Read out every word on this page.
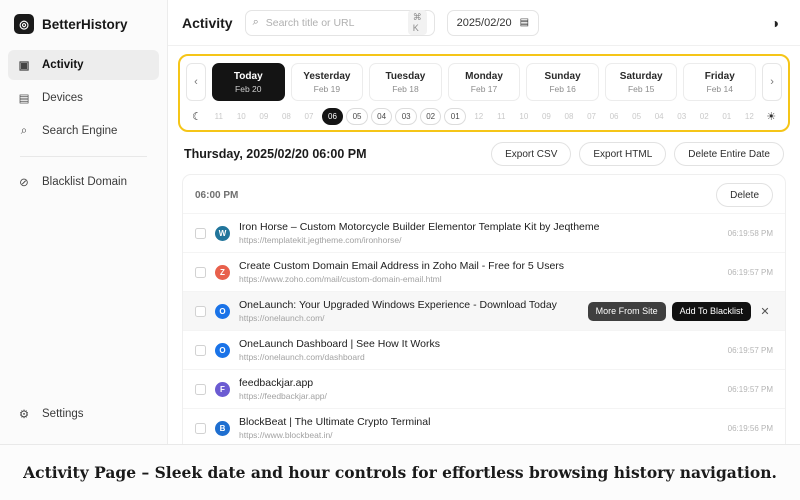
◎ BetterHistory
▣ Activity
▤ Devices
⌕	Search Engine
⊘ Blacklist Domain
⚙ Settings
Activity ⌕
Search title or URL	⌘ K	2025/02/20 ▤	◑
‹	Today
Feb 20
Yesterday
Feb 19
Tuesday
Feb 18
Monday
Feb 17
Sunday
Feb 16
Saturday
Feb 15
Friday
Feb 14
›
☾	11	10	09	08	07	06	05	04	03	02	01	12	11	10	09	08	07	06	05	04	03	02	01	12	☀
Thursday, 2025/02/20 06:00 PM	Export CSV	Export HTML	Delete Entire Date
06:00 PM	Delete
W	Iron Horse – Custom Motorcycle Builder Elementor Template Kit by Jeqtheme
https://templatekit.jegtheme.com/ironhorse/
06:19:58 PM
Z	Create Custom Domain Email Address in Zoho Mail - Free for 5 Users
https://www.zoho.com/mail/custom-domain-email.html
06:19:57 PM
O	OneLaunch: Your Upgraded Windows Experience - Download Today
https://onelaunch.com/
More From Site	Add To Blacklist	✕
O	OneLaunch Dashboard | See How It Works
https://onelaunch.com/dashboard
06:19:57 PM
F	feedbackjar.app
https://feedbackjar.app/
06:19:57 PM
B	BlockBeat | The Ultimate Crypto Terminal
https://www.blockbeat.in/
06:19:56 PM
Activity Page – Sleek date and hour controls for effortless browsing history navigation.
